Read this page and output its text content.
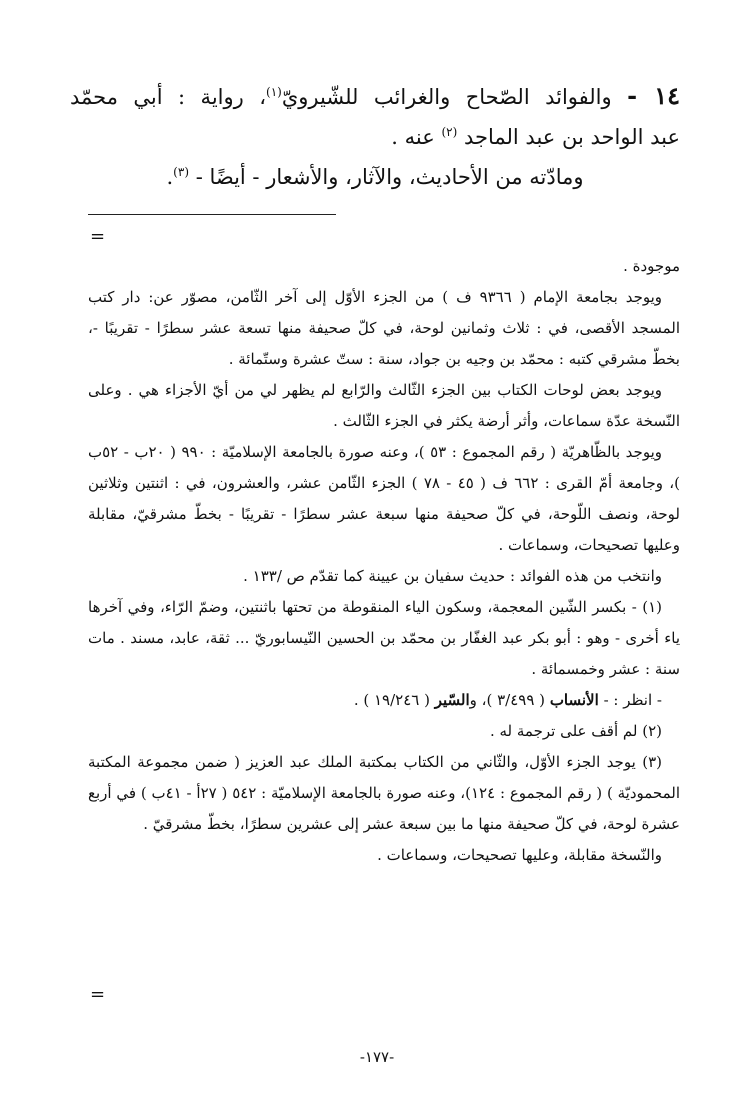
١٤ - والفوائد الصّحاح والغرائب للشّيرويّ$^{(١)}$، رواية : أبي محمّد

عبد الواحد بن عبد الماجد $^{(٢)}$ عنه .

ومادّته من الأحاديث، والآثار، والأشعار - أيضًا - $^{(٣)}$.

=

موجودة .

ويوجد بجامعة الإمام ( ٩٣٦٦ ف ) من الجزء الأوّل إلى آخر الثّامن، مصوّر عن: دار كتب المسجد الأقصى، في : ثلاث وثمانين لوحة، في كلّ صحيفة منها تسعة عشر سطرًا - تقريبًا -، بخطّ مشرقي كتبه : محمّد بن وجيه بن جواد، سنة : ستّ عشرة وستّمائة .

ويوجد بعض لوحات الكتاب بين الجزء الثّالث والرّابع لم يظهر لي من أيّ الأجزاء هي . وعلى النّسخة عدّة سماعات، وأثر أرضة يكثر في الجزء الثّالث .

ويوجد بالظّاهريّة ( رقم المجموع : ٥٣ )، وعنه صورة بالجامعة الإسلاميّة : ٩٩٠ ( ٢٠ب - ٥٢ب )، وجامعة أمّ القرى : ٦٦٢ ف ( ٤٥ - ٧٨ ) الجزء الثّامن عشر، والعشرون، في : اثنتين وثلاثين لوحة، ونصف اللّوحة، في كلّ صحيفة منها سبعة عشر سطرًا - تقريبًا - بخطّ مشرقيّ، مقابلة وعليها تصحيحات، وسماعات .

وانتخب من هذه الفوائد : حديث سفيان بن عيينة كما تقدّم ص /١٣٣ .

(١) - بكسر الشّين المعجمة، وسكون الياء المنقوطة من تحتها باثنتين، وضمّ الرّاء، وفي آخرها ياء أخرى - وهو : أبو بكر عبد الغفّار بن محمّد بن الحسين النّيسابوريّ ... ثقة، عابد، مسند . مات سنة : عشر وخمسمائة .

- انظر : - الأنساب ( ٣/٤٩٩ )، والسّير ( ١٩/٢٤٦ ) .

(٢) لم أقف على ترجمة له .

(٣) يوجد الجزء الأوّل، والثّاني من الكتاب بمكتبة الملك عبد العزيز ( ضمن مجموعة المكتبة المحموديّة ) ( رقم المجموع : ١٢٤)، وعنه صورة بالجامعة الإسلاميّة : ٥٤٢ ( ٢٧أ - ٤١ب ) في أربع عشرة لوحة، في كلّ صحيفة منها ما بين سبعة عشر إلى عشرين سطرًا، بخطّ مشرقيّ .

والنّسخة مقابلة، وعليها تصحيحات، وسماعات .

=
-١٧٧-
